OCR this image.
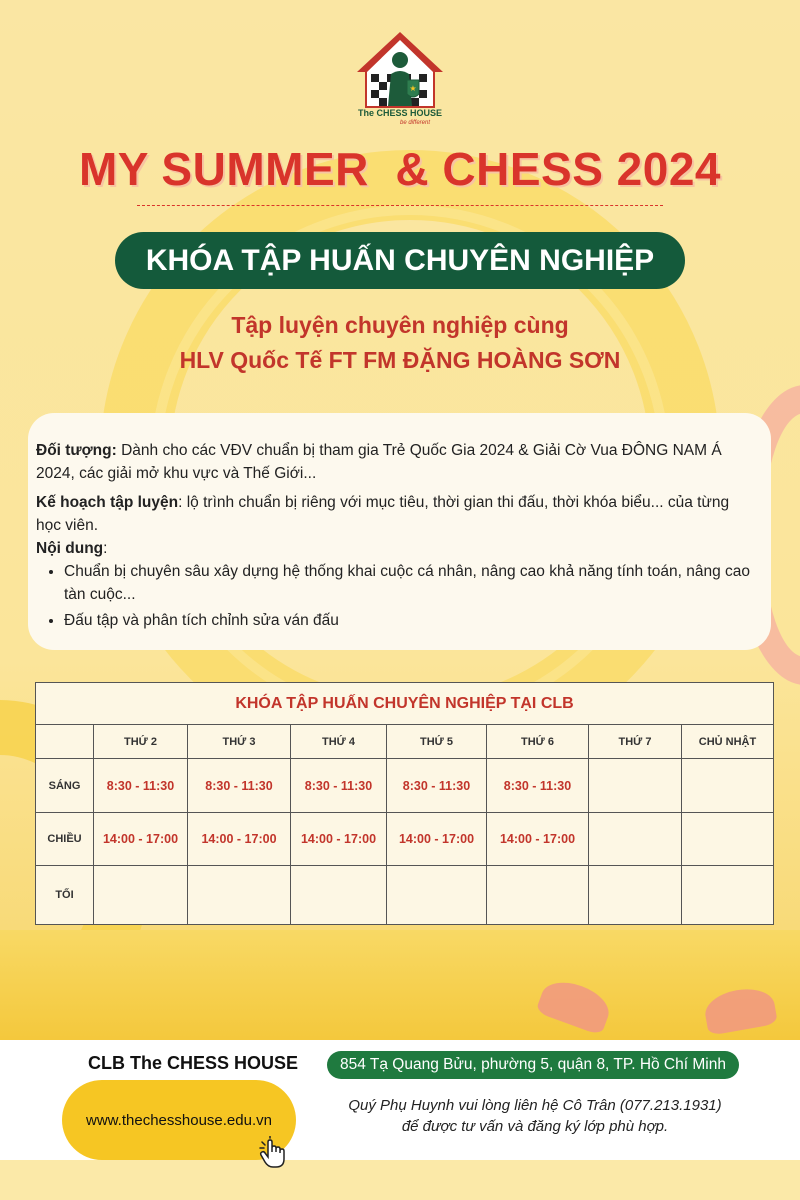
★
The CHESS HOUSE
be different
MY SUMMER  & CHESS 2024
KHÓA TẬP HUẤN CHUYÊN NGHIỆP
Tập luyện chuyên nghiệp cùng
HLV Quốc Tế FT FM ĐẶNG HOÀNG SƠN

Đối tượng: Dành cho các VĐV chuẩn bị tham gia Trẻ Quốc Gia 2024 & Giải Cờ Vua ĐÔNG NAM Á 2024, các giải mở khu vực và Thế Giới...

Kế hoạch tập luyện: lộ trình chuẩn bị riêng với mục tiêu, thời gian thi đấu, thời khóa biểu... của từng học viên.

Nội dung:
• Chuẩn bị chuyên sâu xây dựng hệ thống khai cuộc cá nhân, nâng cao khả năng tính toán, nâng cao tàn cuộc...
• Đấu tập và phân tích chỉnh sửa ván đấu
KHÓA TẬP HUẤN CHUYÊN NGHIỆP TẠI CLB							
	THỨ 2	THỨ 3	THỨ 4	THỨ 5	THỨ 6	THỨ 7	CHỦ NHẬT
SÁNG	8:30 - 11:30	8:30 - 11:30	8:30 - 11:30	8:30 - 11:30	8:30 - 11:30		
CHIỀU	14:00 - 17:00	14:00 - 17:00	14:00 - 17:00	14:00 - 17:00	14:00 - 17:00		
TỐI							
CLB The CHESS HOUSE
www.thechesshouse.edu.vn
854 Tạ Quang Bửu, phường 5, quận 8, TP. Hồ Chí Minh
Quý Phụ Huynh vui lòng liên hệ Cô Trân (077.213.1931)
để được tư vấn và đăng ký lớp phù hợp.
